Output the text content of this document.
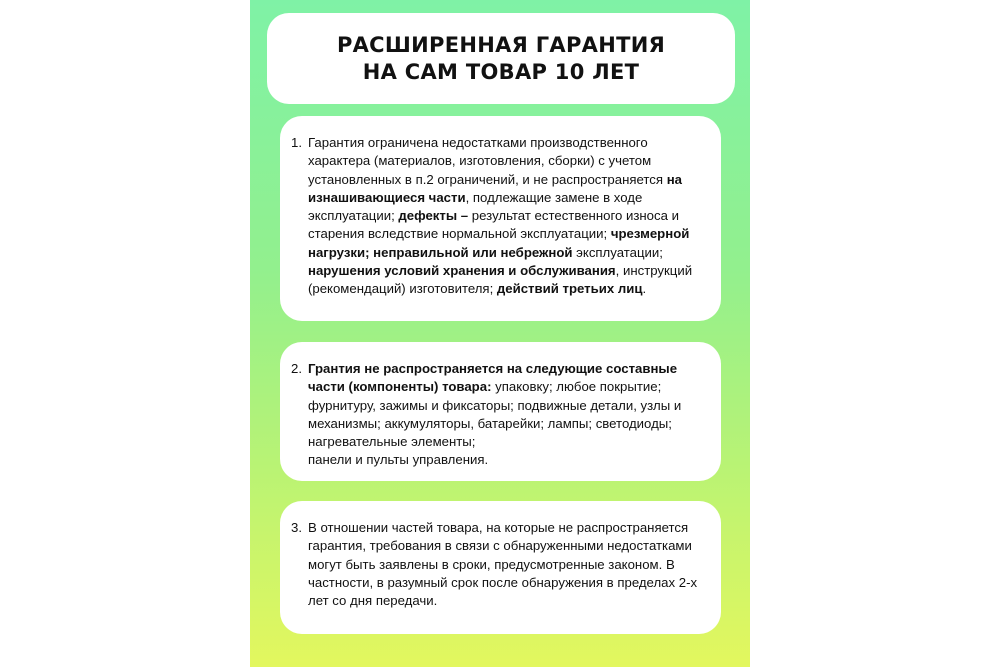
РАСШИРЕННАЯ ГАРАНТИЯ
НА САМ ТОВАР 10 ЛЕТ
1. Гарантия ограничена недостатками производственного характера (материалов, изготовления, сборки) с учетом установленных в п.2 ограничений, и не распространяется на изнашивающиеся части, подлежащие замене в ходе эксплуатации; дефекты – результат естественного износа и старения вследствие нормальной эксплуатации; чрезмерной нагрузки; неправильной или небрежной эксплуатации; нарушения условий хранения и обслуживания, инструкций (рекомендаций) изготовителя; действий третьих лиц.
2. Грантия не распространяется на следующие составные части (компоненты) товара: упаковку; любое покрытие; фурнитуру, зажимы и фиксаторы; подвижные детали, узлы и механизмы; аккумуляторы, батарейки; лампы; светодиоды; нагревательные элементы;

панели и пульты управления.

3. В отношении частей товара, на которые не распространяется гарантия, требования в связи с обнаруженными недостатками могут быть заявлены в сроки, предусмотренные законом. В частности, в разумный срок после обнаружения в пределах 2-х лет со дня передачи.
